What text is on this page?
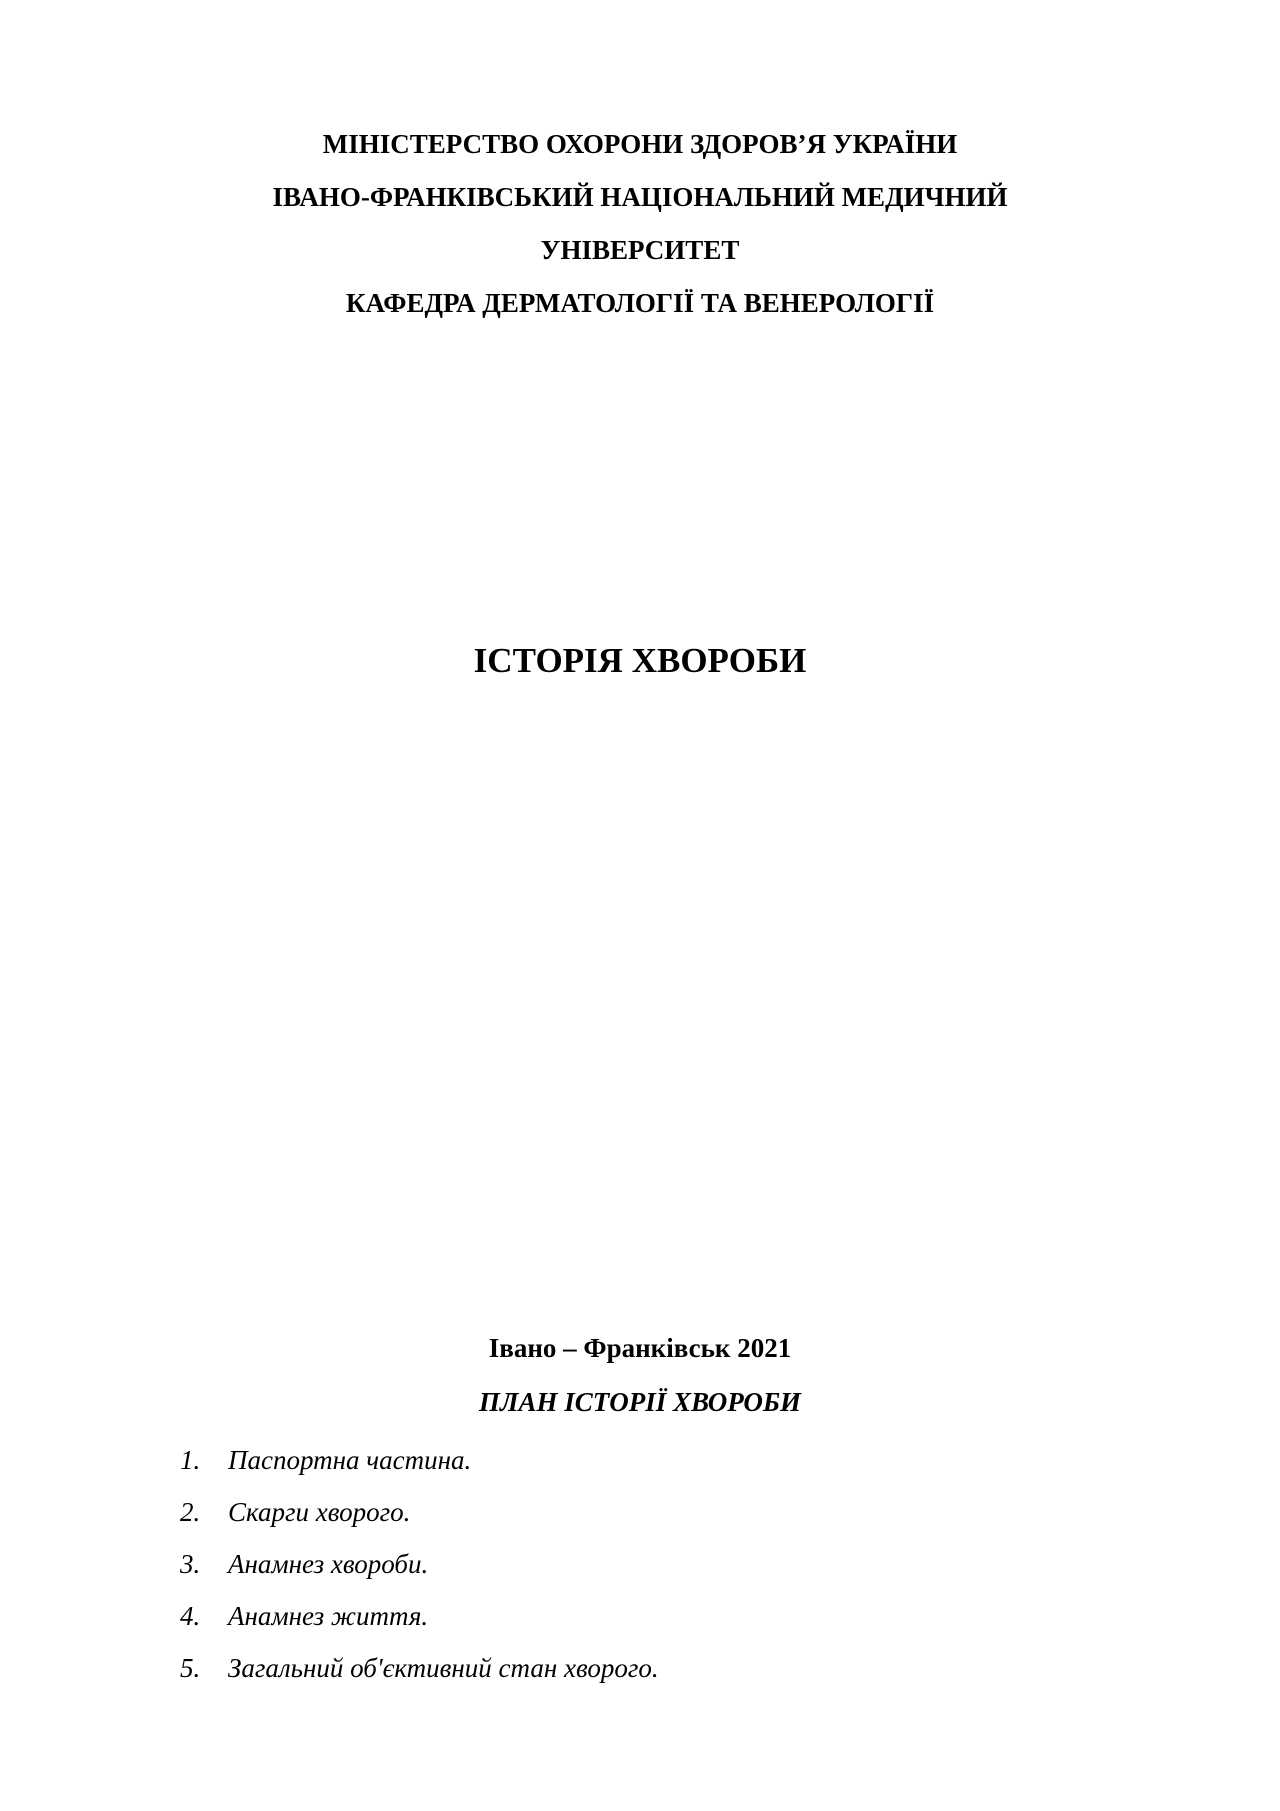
МІНІСТЕРСТВО ОХОРОНИ ЗДОРОВ’Я УКРАЇНИ
ІВАНО-ФРАНКІВСЬКИЙ НАЦІОНАЛЬНИЙ МЕДИЧНИЙ
УНІВЕРСИТЕТ
КАФЕДРА ДЕРМАТОЛОГІЇ ТА ВЕНЕРОЛОГІЇ
ІСТОРІЯ ХВОРОБИ

Івано – Франківськ 2021

ПЛАН ІСТОРІЇ ХВОРОБИ

1.	Паспортна частина.
2.	Скарги хворого.
3.	Анамнез хвороби.
4.	Анамнез життя.
5.	Загальний об'єктивний стан хворого.
